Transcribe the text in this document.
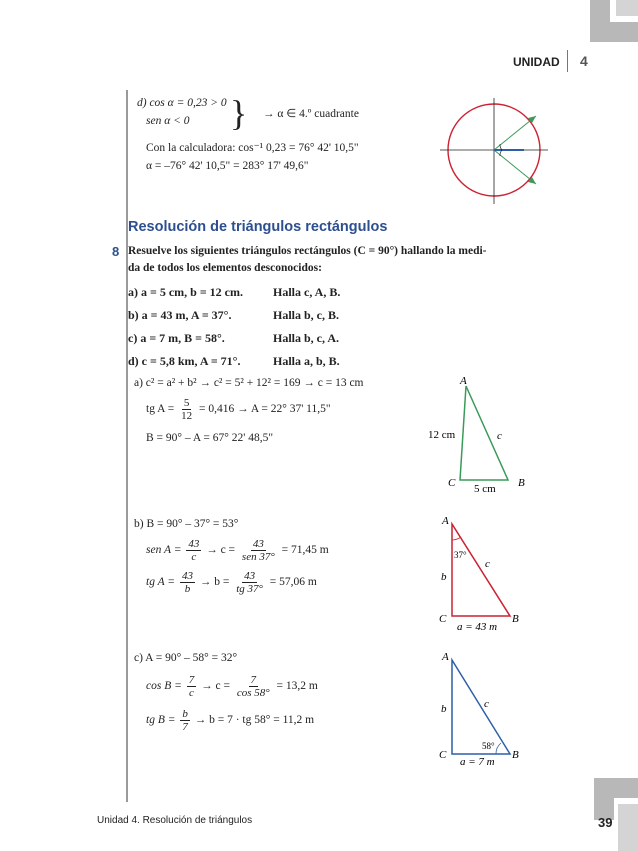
UNIDAD 4
d) cos α = 0,23 > 0
sen α < 0 } → α ∈ 4.º cuadrante
Con la calculadora: cos⁻¹ 0,23 = 76° 42' 10,5"
α = –76° 42' 10,5" = 283° 17' 49,6"
Resolución de triángulos rectángulos
8 Resuelve los siguientes triángulos rectángulos (C = 90°) hallando la medi-
da de todos los elementos desconocidos:
a) a = 5 cm, b = 12 cm.	Halla c, A, B.
b) a = 43 m, A = 37°.	Halla b, c, B.
c) a = 7 m, B = 58°.	Halla b, c, A.
d) c = 5,8 km, A = 71°.	Halla a, b, B.
a) c² = a² + b² → c² = 5² + 12² = 169 → c = 13 cm
tg $A = \frac{5}{12} = 0,416 \to A = 22^\circ$ 37' 11,5"
B = 90° – A = 67° 22' 48,5"
A
C	B
12 cm	c
5 cm
b) B = 90° – 37° = 53°
sen $A = \frac{43}{c} \to c = \frac{43}{\text{sen 37°}} = 71,45$ m
tg $A = \frac{43}{b} \to b = \frac{43}{tg 37^\circ} = 57,06$ m
A
C	B
b
c
37°
a = 43 m
c) A = 90° – 58° = 32°
$\cos B = \frac{7}{c} \to c = \frac{7}{\cos 58^\circ} = 13,2$ m
tg $B = \frac{b}{7} \to b = 7$ · tg 58° = 11,2 m
A
C	B
b	c
58°
a = 7 m
Unidad 4. Resolución de triángulos	39
